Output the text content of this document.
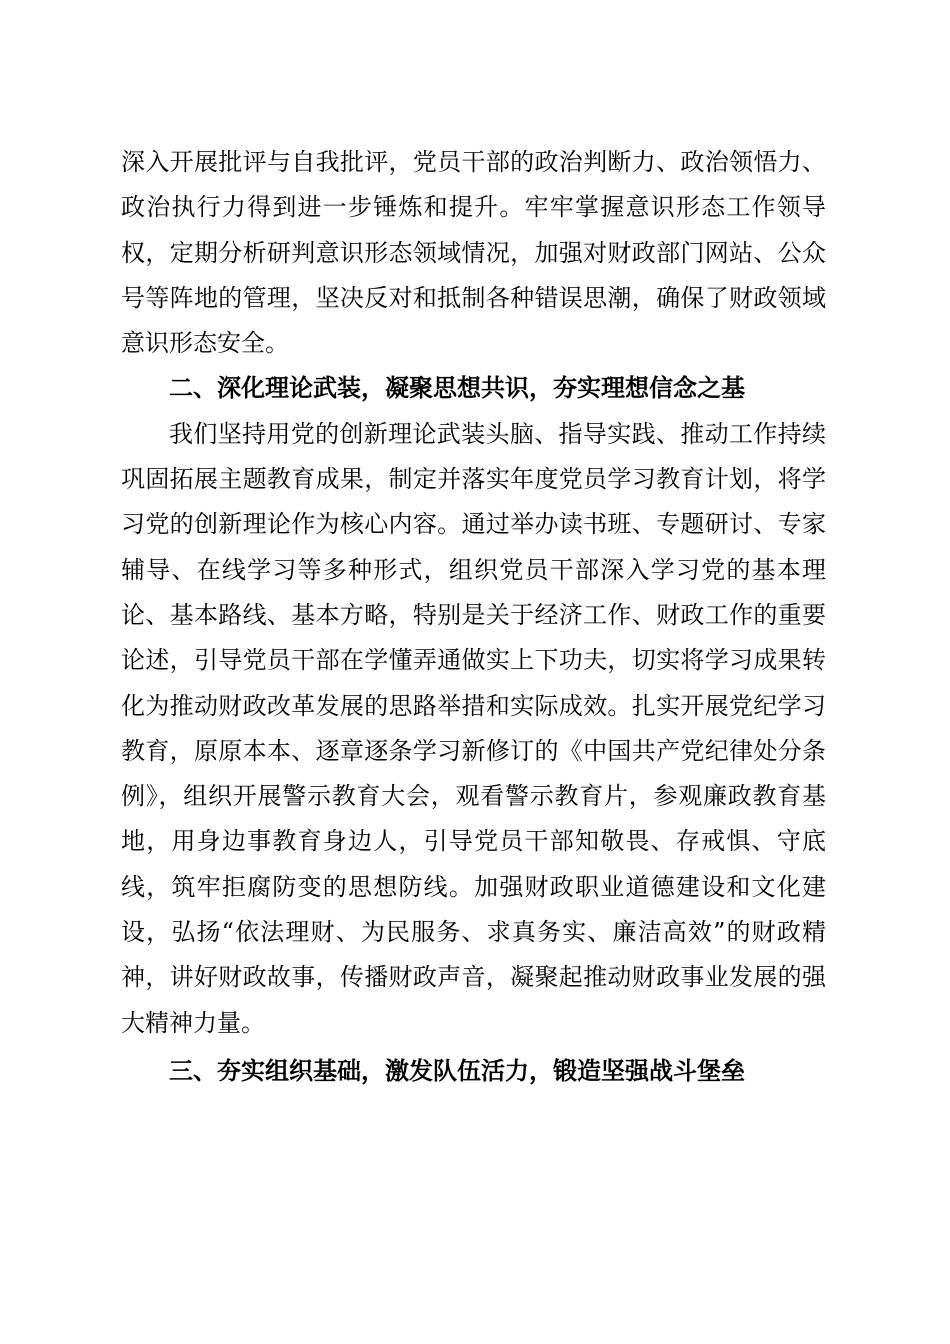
深入开展批评与自我批评，党员干部的政治判断力、政治领悟力、政治执行力得到进一步锤炼和提升。牢牢掌握意识形态工作领导权，定期分析研判意识形态领域情况，加强对财政部门网站、公众号等阵地的管理，坚决反对和抵制各种错误思潮，确保了财政领域意识形态安全。

二、深化理论武装，凝聚思想共识，夯实理想信念之基

我们坚持用党的创新理论武装头脑、指导实践、推动工作持续巩固拓展主题教育成果，制定并落实年度党员学习教育计划，将学习党的创新理论作为核心内容。通过举办读书班、专题研讨、专家辅导、在线学习等多种形式，组织党员干部深入学习党的基本理论、基本路线、基本方略，特别是关于经济工作、财政工作的重要论述，引导党员干部在学懂弄通做实上下功夫，切实将学习成果转化为推动财政改革发展的思路举措和实际成效。扎实开展党纪学习教育，原原本本、逐章逐条学习新修订的《中国共产党纪律处分条例》，组织开展警示教育大会，观看警示教育片，参观廉政教育基地，用身边事教育身边人，引导党员干部知敬畏、存戒惧、守底线，筑牢拒腐防变的思想防线。加强财政职业道德建设和文化建设，弘扬“依法理财、为民服务、求真务实、廉洁高效”的财政精神，讲好财政故事，传播财政声音，凝聚起推动财政事业发展的强大精神力量。

三、夯实组织基础，激发队伍活力，锻造坚强战斗堡垒
